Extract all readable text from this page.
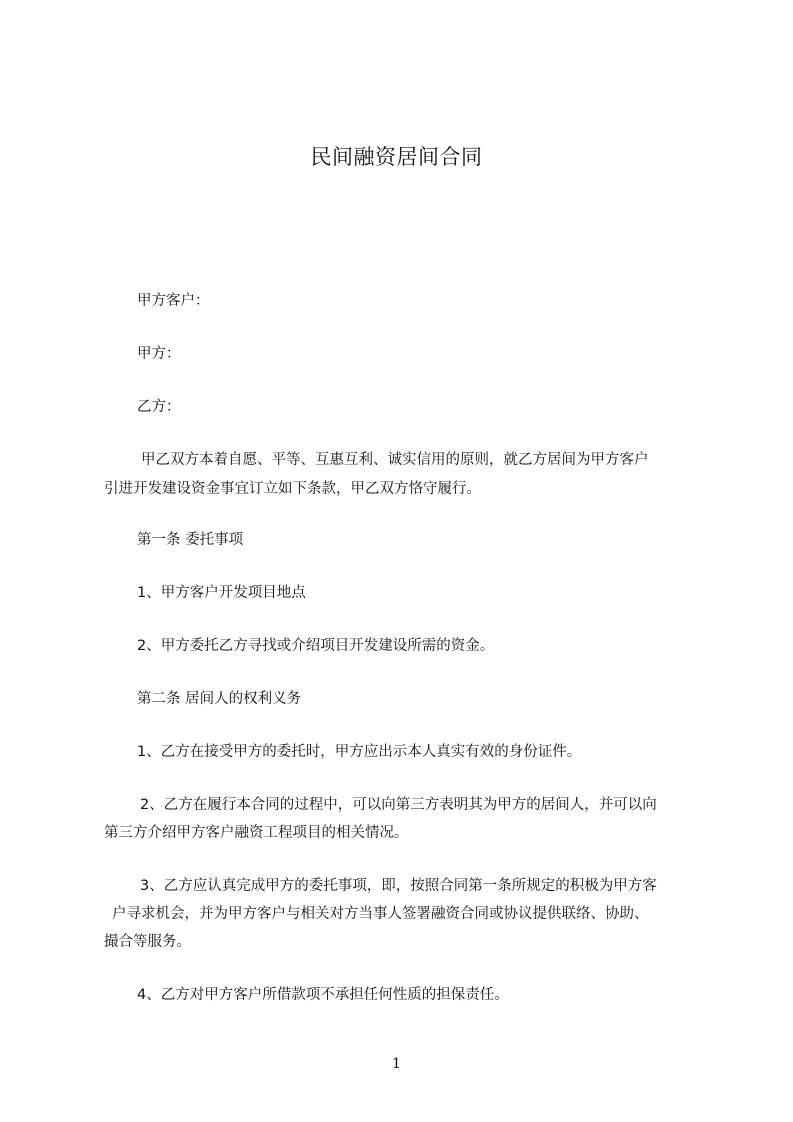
民间融资居间合同

甲方客户：

甲方：

乙方：

甲乙双方本着自愿、平等、互惠互利、诚实信用的原则，就乙方居间为甲方客户

引进开发建设资金事宜订立如下条款，甲乙双方恪守履行。

第一条 委托事项

1、甲方客户开发项目地点

2、甲方委托乙方寻找或介绍项目开发建设所需的资金。

第二条 居间人的权利义务

1、乙方在接受甲方的委托时，甲方应出示本人真实有效的身份证件。

2、乙方在履行本合同的过程中，可以向第三方表明其为甲方的居间人，并可以向

第三方介绍甲方客户融资工程项目的相关情况。

3、乙方应认真完成甲方的委托事项，即，按照合同第一条所规定的积极为甲方客

户寻求机会，并为甲方客户与相关对方当事人签署融资合同或协议提供联络、协助、

撮合等服务。

4、乙方对甲方客户所借款项不承担任何性质的担保责任。

1
